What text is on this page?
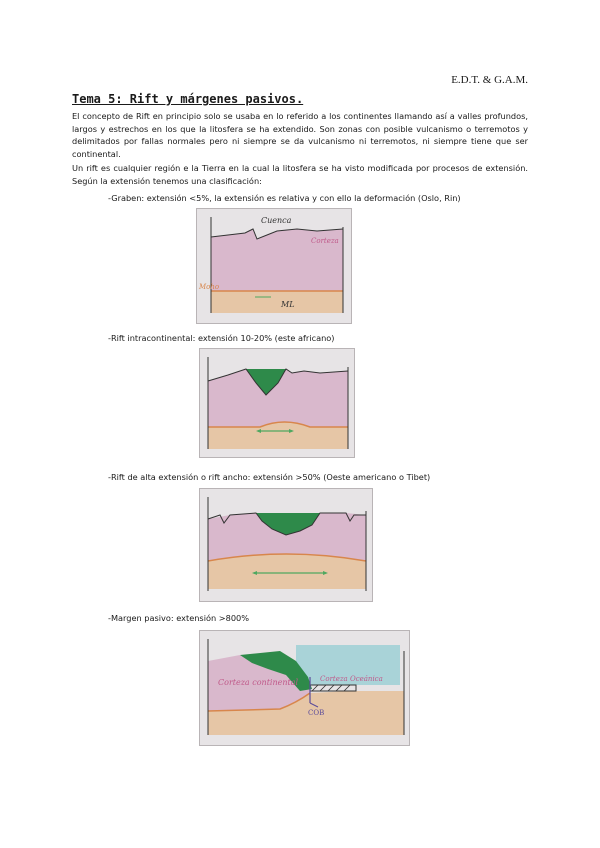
E.D.T. & G.A.M.
Tema 5: Rift y márgenes pasivos.
El concepto de Rift en principio solo se usaba en lo referido a los continentes llamando así a valles profundos, largos y estrechos en los que la litosfera se ha extendido. Son zonas con posible vulcanismo o terremotos y delimitados por fallas normales pero ni siempre se da vulcanismo ni terremotos, ni siempre tiene que ser continental.
Un rift es cualquier región e la Tierra en la cual la litosfera se ha visto modificada por procesos de extensión. Según la extensión tenemos una clasificación:
-Graben: extensión <5%, la extensión es relativa y con ello la deformación (Oslo, Rin)
Cuenca
Corteza
Moho
ML
-Rift intracontinental: extensión 10-20% (este africano)
-Rift de alta extensión o rift ancho: extensión >50% (Oeste americano o Tibet)
-Margen pasivo: extensión >800%
Corteza continental	Corteza Oceánica
COB
